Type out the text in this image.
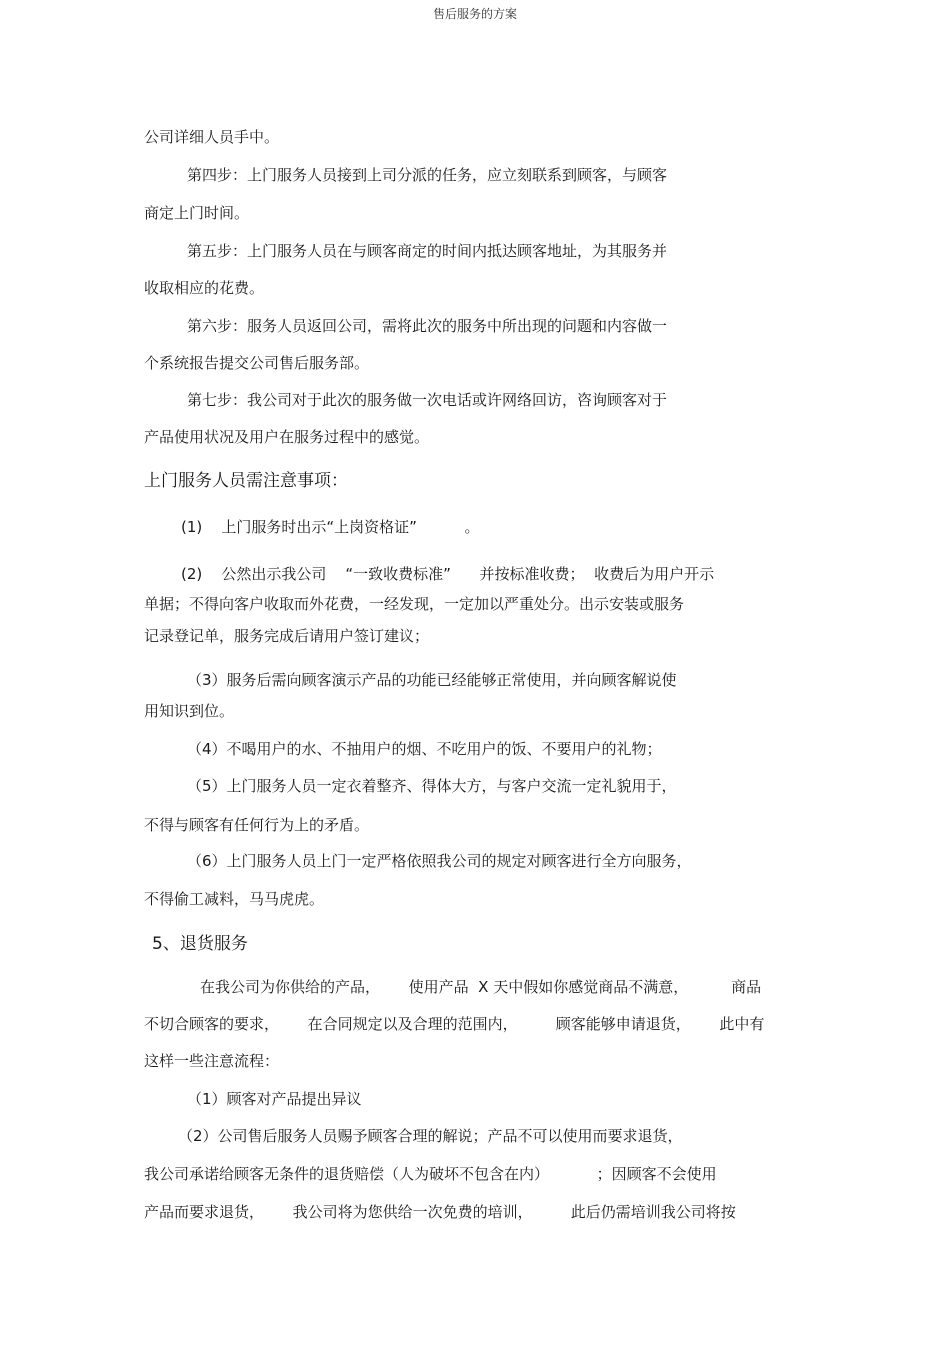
售后服务的方案
公司详细人员手中。
第四步：上门服务人员接到上司分派的任务，应立刻联系到顾客，与顾客
商定上门时间。
第五步：上门服务人员在与顾客商定的时间内抵达顾客地址，为其服务并
收取相应的花费。
第六步：服务人员返回公司，需将此次的服务中所出现的问题和内容做一
个系统报告提交公司售后服务部。
第七步：我公司对于此次的服务做一次电话或许网络回访，咨询顾客对于
产品使用状况及用户在服务过程中的感觉。
上门服务人员需注意事项：
(1)    上门服务时出示“上岗资格证”          。
(2)    公然出示我公司    “一致收费标准”      并按标准收费；  收费后为用户开示
单据；不得向客户收取而外花费，一经发现，一定加以严重处分。出示安装或服务
记录登记单，服务完成后请用户签订建议；
（3）服务后需向顾客演示产品的功能已经能够正常使用，并向顾客解说使
用知识到位。
（4）不喝用户的水、不抽用户的烟、不吃用户的饭、不要用户的礼物；
（5）上门服务人员一定衣着整齐、得体大方，与客户交流一定礼貌用于，
不得与顾客有任何行为上的矛盾。
（6）上门服务人员上门一定严格依照我公司的规定对顾客进行全方向服务，
不得偷工减料，马马虎虎。
5、退货服务
在我公司为你供给的产品，      使用产品  X 天中假如你感觉商品不满意，         商品
不切合顾客的要求，      在合同规定以及合理的范围内，        顾客能够申请退货，      此中有
这样一些注意流程：
（1）顾客对产品提出异议
（2）公司售后服务人员赐予顾客合理的解说；产品不可以使用而要求退货，
我公司承诺给顾客无条件的退货赔偿（人为破坏不包含在内）          ；因顾客不会使用
产品而要求退货，      我公司将为您供给一次免费的培训，        此后仍需培训我公司将按
